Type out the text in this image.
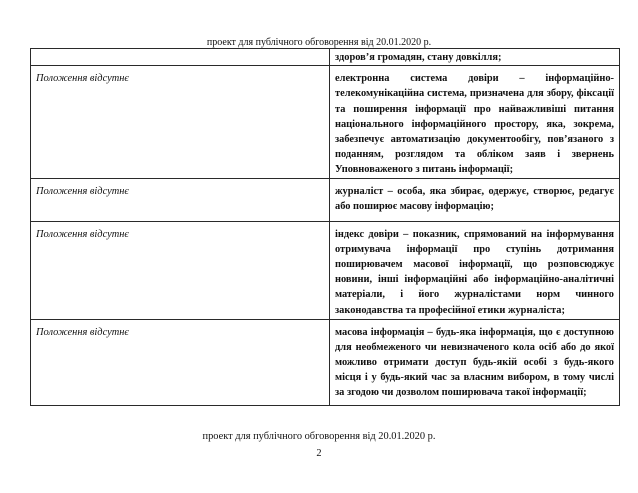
проект для публічного обговорення від 20.01.2020 р.
	здоров’я громадян, стану довкілля;
Положення відсутнє	електронна система довіри – інформаційно-телекомунікаційна система, призначена для збору, фіксації та поширення інформації про найважливіші питання національного інформаційного простору, яка, зокрема, забезпечує автоматизацію документообігу, пов’язаного з поданням, розглядом та обліком заяв і звернень Уповноваженого з питань інформації;
Положення відсутнє	журналіст – особа, яка збирає, одержує, створює, редагує або поширює масову інформацію;
Положення відсутнє	індекс довіри – показник, спрямований на інформування отримувача інформації про ступінь дотримання поширювачем масової інформації, що розповсюджує новини, інші інформаційні або інформаційно-аналітичні матеріали, і його журналістами норм чинного законодавства та професійної етики журналіста;
Положення відсутнє	масова інформація – будь-яка інформація, що є доступною для необмеженого чи невизначеного кола осіб або до якої можливо отримати доступ будь-якій особі з будь-якого місця і у будь-який час за власним вибором, в тому числі за згодою чи дозволом поширювача такої інформації;
проект для публічного обговорення від 20.01.2020 р.
2
